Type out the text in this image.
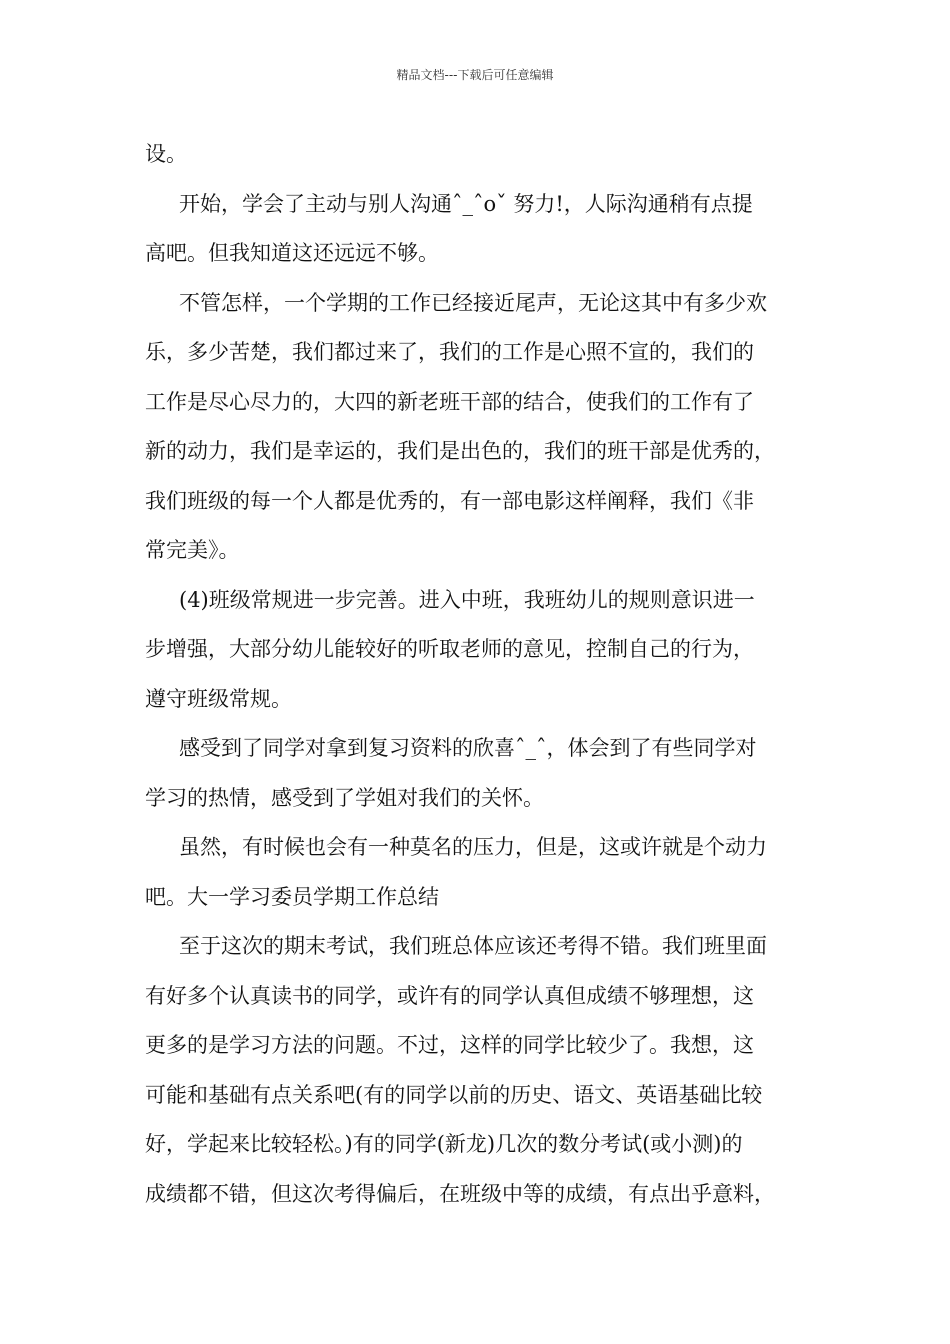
精品文档---下载后可任意编辑
设。
开始，学会了主动与别人沟通ˆ_ˆoˇ 努力!，人际沟通稍有点提
高吧。但我知道这还远远不够。
不管怎样，一个学期的工作已经接近尾声，无论这其中有多少欢
乐，多少苦楚，我们都过来了，我们的工作是心照不宣的，我们的
工作是尽心尽力的，大四的新老班干部的结合，使我们的工作有了
新的动力，我们是幸运的，我们是出色的，我们的班干部是优秀的，
我们班级的每一个人都是优秀的，有一部电影这样阐释，我们《非
常完美》。
(4)班级常规进一步完善。进入中班，我班幼儿的规则意识进一
步增强，大部分幼儿能较好的听取老师的意见，控制自己的行为，
遵守班级常规。
感受到了同学对拿到复习资料的欣喜ˆ_ˆ，体会到了有些同学对
学习的热情，感受到了学姐对我们的关怀。
虽然，有时候也会有一种莫名的压力，但是，这或许就是个动力
吧。大一学习委员学期工作总结
至于这次的期末考试，我们班总体应该还考得不错。我们班里面
有好多个认真读书的同学，或许有的同学认真但成绩不够理想，这
更多的是学习方法的问题。不过，这样的同学比较少了。我想，这
可能和基础有点关系吧(有的同学以前的历史、语文、英语基础比较
好，学起来比较轻松。)有的同学(新龙)几次的数分考试(或小测)的
成绩都不错，但这次考得偏后，在班级中等的成绩，有点出乎意料，
